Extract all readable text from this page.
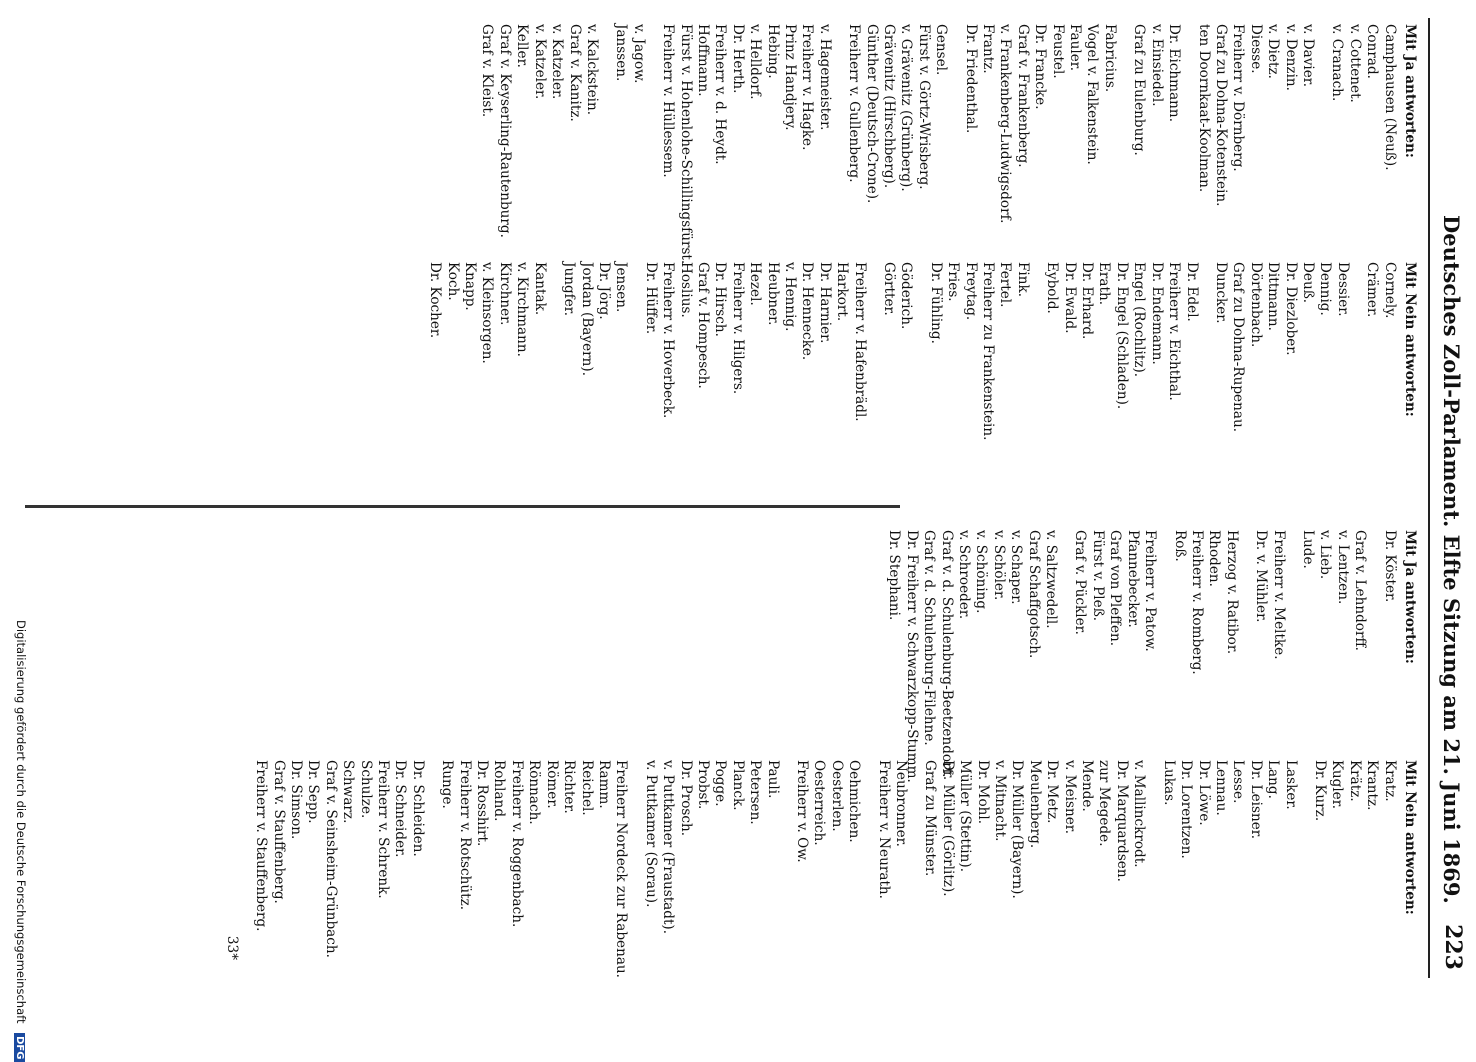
Deutsches Zoll-Parlament. Elfte Sitzung am 21. Juni 1869.
223
Mit Ja antworten:
Camphausen (Neuß).
Conrad.
v. Cottenet.
v. Cranach.
v. Davier.
v. Denzin.
v. Dietz.
Diesse.
Freiherr v. Dörnberg.
Graf zu Dohna-Kotenstein.
ten Doornkaat-Koolman.
Dr. Eichmann.
v. Einsiedel.
Graf zu Eulenburg.
Fabricius.
Vogel v. Falkenstein.
Fauler.
Feustel.
Dr. Francke.
Graf v. Frankenberg.
v. Frankenberg-Ludwigsdorf.
Frantz.
Dr. Friedenthal.
Gensel.
Fürst v. Görtz-Wrisberg.
v. Grävenitz (Grünberg).
Grävenitz (Hirschberg).
Günther (Deutsch-Crone).
Freiherr v. Gullenberg.
v. Hagemeister.
Freiherr v. Hagke.
Prinz Handjery.
Hebing.
v. Helldorf.
Dr. Herth.
Freiherr v. d. Heydt.
Hoffmann.
Fürst v. Hohenlohe-Schillingsfürst.
Freiherr v. Hüllessem.
v. Jagow.
Janssen.
v. Kalckstein.
Graf v. Kanitz.
v. Katzeler.
v. Katzeler.
Keller.
Graf v. Keyserling-Rautenburg.
Graf v. Kleist.
Mit Nein antworten:
Cornely.
Crämer.
Dessier.
Dennig.
Deuß.
Dr. Diezlober.
Dittmann.
Dörtenbach.
Graf zu Dohna-Rupenau.
Duncker.
Dr. Edel.
Freiherr v. Eichthal.
Dr. Endemann.
Engel (Rochlitz).
Dr. Engel (Schladen).
Erath.
Dr. Erhard.
Dr. Ewald.
Eybold.
Fink.
Fertel.
Freiherr zu Frankenstein.
Freytag.
Fries.
Dr. Fühling.
Göderich.
Görtter.
Freiherr v. Hafenbrädl.
Harkort.
Dr. Harnier.
Dr. Hennecke.
v. Hennig.
Heubner.
Hezel.
Freiherr v. Hilgers.
Dr. Hirsch.
Graf v. Hompesch.
Hoslius.
Freiherr v. Hoverbeck.
Dr. Hüffer.
Jensen.
Dr. Jörg.
Jordan (Bayern).
Jungfer.
Kantak.
v. Kirchmann.
Kirchner.
v. Kleinsorgen.
Knapp.
Koch.
Dr. Kocher.
Mit Ja antworten:
Dr. Köster.
Graf v. Lehndorff.
v. Lentzen.
v. Lieb.
Lude.
Freiherr v. Meltke.
Dr. v. Mühler.
Herzog v. Ratibor.
Rhoden.
Freiherr v. Romberg.
Roß.
Freiherr v. Patow.
Pfannebecker.
Graf von Pleffen.
Fürst v. Pleß.
Graf v. Pückler.
v. Saltzwedell.
Graf Schaffgotsch.
v. Schaper.
v. Schöler.
v. Schöning.
v. Schroeder.
Graf v. d. Schulenburg-Beetzendorf.
Graf v. d. Schulenburg-Filehne.
Dr. Freiherr v. Schwarzkopp-Stumm.
Dr. Stephani.
Mit Nein antworten:
Kratz.
Krantz.
Krätz.
Kugler.
Dr. Kurz.
Lasker.
Lang.
Dr. Leisner.
Lesse.
Lennau.
Dr. Löwe.
Dr. Lorentzen.
Lukas.
v. Mallinckrodt.
Dr. Marquardsen.
zur Megede.
Mende.
v. Meisner.
Dr. Metz.
Meulenberg.
Dr. Müller (Bayern).
v. Mitnacht.
Dr. Mohl.
Müller (Stettin).
Dr. Müller (Görlitz).
Graf zu Münster.
Neubronner.
Freiherr v. Neurath.
Oehmichen.
Oesterlen.
Oesterreich.
Freiherr v. Ow.
Pauli.
Petersen.
Planck.
Pogge.
Probst.
Dr. Prosch.
v. Puttkamer (Fraustadt).
v. Puttkamer (Sorau).
Freiherr Nordeck zur Rabenau.
Ramm.
Reichel.
Richter.
Römer.
Rönnach.
Freiherr v. Roggenbach.
Rohland.
Dr. Rosshirt.
Freiherr v. Rotschütz.
Runge.
Dr. Schleiden.
Dr. Schneider.
Freiherr v. Schrenk.
Schulze.
Schwarz.
Graf v. Seinsheim-Grünbach.
Dr. Sepp.
Dr. Simson.
Graf v. Stauffenberg.
Freiherr v. Stauffenberg.
33*
Digitalisierung gefördert durch die Deutsche Forschungsgemeinschaft DFG
